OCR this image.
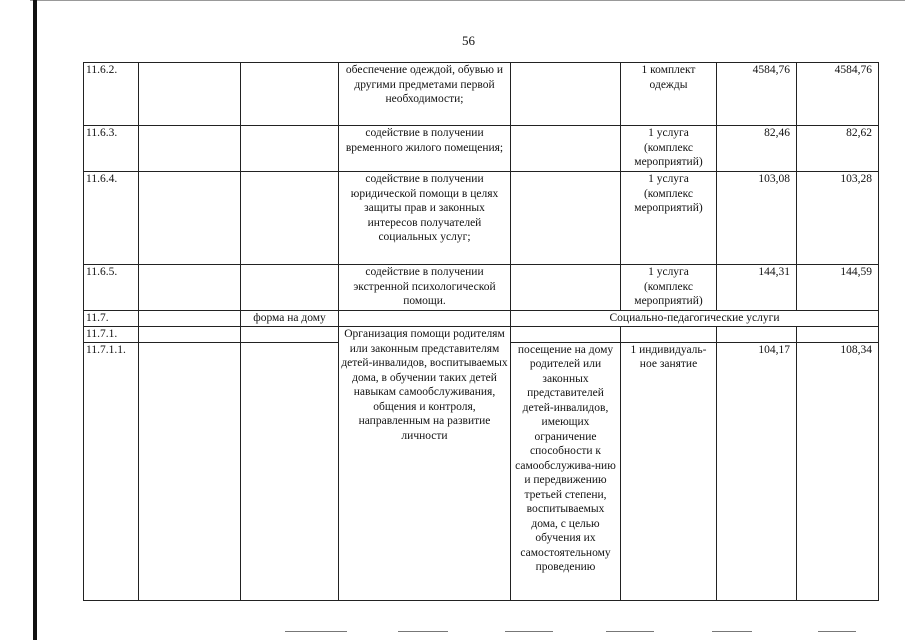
56
11.6.2.			обеспечение одеждой, обувью и другими предметами первой необходимости;		1 комплект одежды	4584,76	4584,76
11.6.3.			содействие в получении временного жилого помещения;		1 услуга (комплекс мероприятий)	82,46	82,62
11.6.4.			содействие в получении юридической помощи в целях защиты прав и законных интересов получателей социальных услуг;		1 услуга (комплекс мероприятий)	103,08	103,28
11.6.5.			содействие в получении экстренной психологической помощи.		1 услуга (комплекс мероприятий)	144,31	144,59
11.7.		форма на дому		Социально-педагогические услуги			
11.7.1.			Организация помощи родителям или законным представителям детей-инвалидов, воспитываемых дома, в обучении таких детей навыкам самообслуживания, общения и контроля, направленным на развитие личности				
11.7.1.1.				посещение на дому родителей или законных представителей детей-инвалидов, имеющих ограничение способности к самообслужива-нию и передвижению третьей степени, воспитываемых дома, с целью обучения их самостоятельному проведению	1 индивидуаль-ное занятие	104,17	108,34
